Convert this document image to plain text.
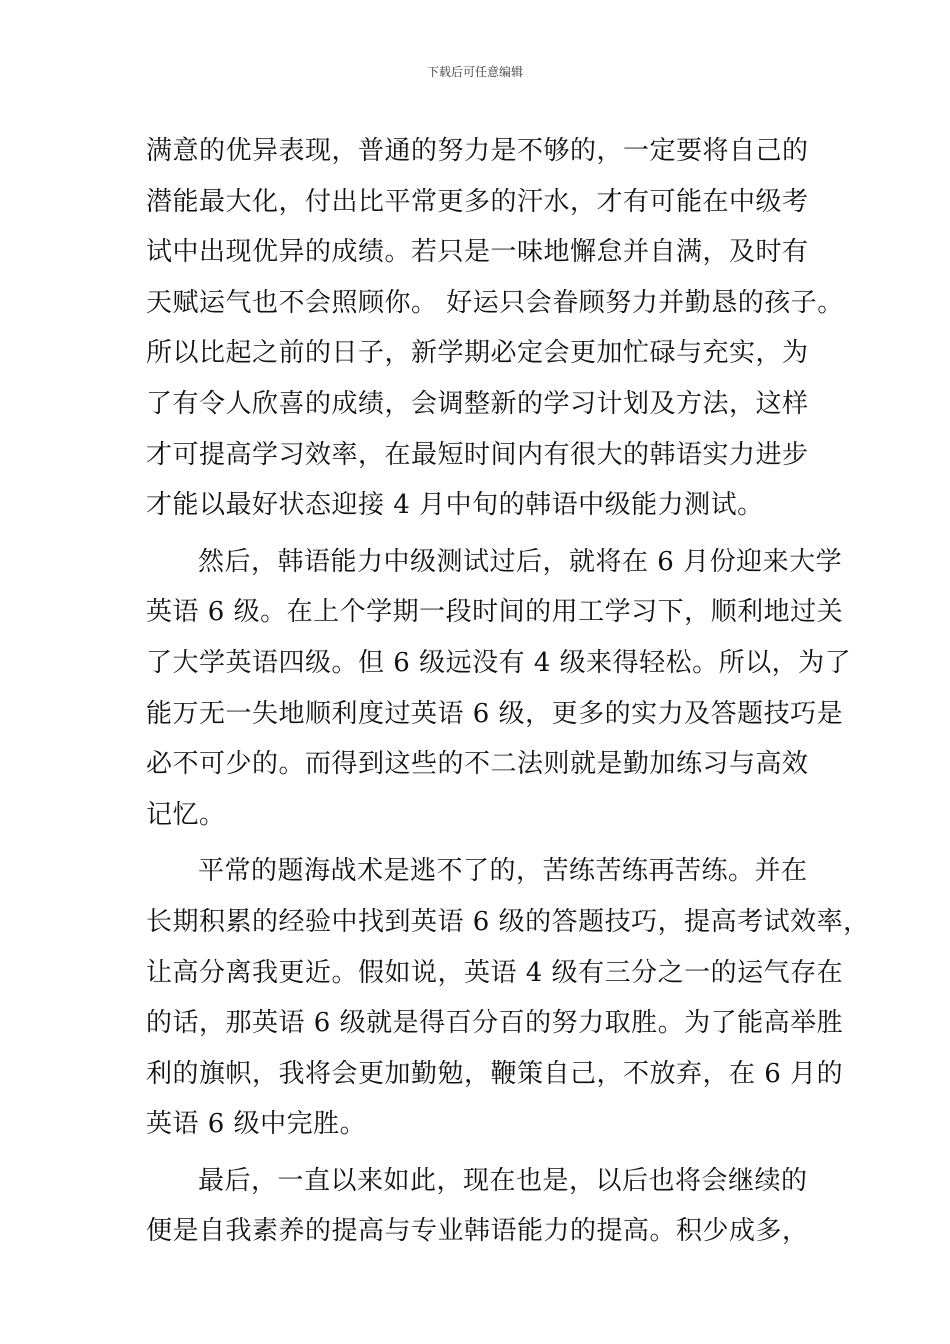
下载后可任意编辑
满意的优异表现，普通的努力是不够的，一定要将自己的
潜能最大化，付出比平常更多的汗水，才有可能在中级考
试中出现优异的成绩。若只是一味地懈怠并自满，及时有
天赋运气也不会照顾你。 好运只会眷顾努力并勤恳的孩子。
所以比起之前的日子，新学期必定会更加忙碌与充实，为
了有令人欣喜的成绩，会调整新的学习计划及方法，这样
才可提高学习效率，在最短时间内有很大的韩语实力进步
才能以最好状态迎接 4 月中旬的韩语中级能力测试。
然后，韩语能力中级测试过后，就将在 6 月份迎来大学
英语 6 级。在上个学期一段时间的用工学习下，顺利地过关
了大学英语四级。但 6 级远没有 4 级来得轻松。所以，为了
能万无一失地顺利度过英语 6 级，更多的实力及答题技巧是
必不可少的。而得到这些的不二法则就是勤加练习与高效
记忆。
平常的题海战术是逃不了的，苦练苦练再苦练。并在
长期积累的经验中找到英语 6 级的答题技巧，提高考试效率，
让高分离我更近。假如说，英语 4 级有三分之一的运气存在
的话，那英语 6 级就是得百分百的努力取胜。为了能高举胜
利的旗帜，我将会更加勤勉，鞭策自己，不放弃，在 6 月的
英语 6 级中完胜。
最后，一直以来如此，现在也是，以后也将会继续的
便是自我素养的提高与专业韩语能力的提高。积少成多，
